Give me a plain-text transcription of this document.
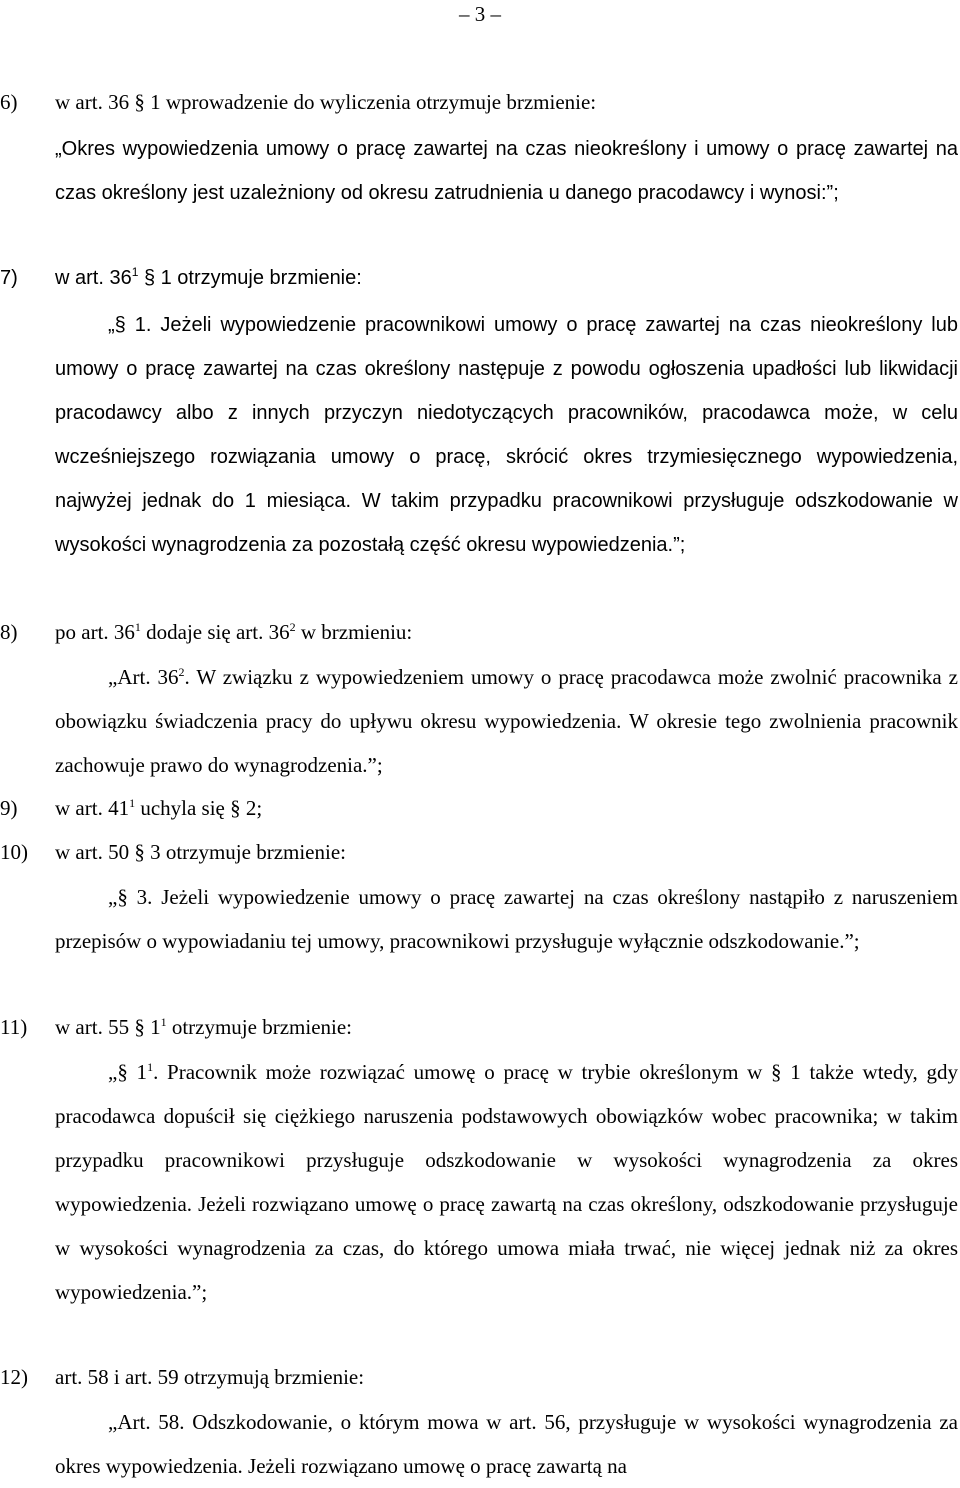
– 3 –
6) w art. 36 § 1 wprowadzenie do wyliczenia otrzymuje brzmienie:
„Okres wypowiedzenia umowy o pracę zawartej na czas nieokreślony i umowy o pracę zawartej na czas określony jest uzależniony od okresu zatrudnienia u danego pracodawcy i wynosi:”;
7) w art. $36^1$ § 1 otrzymuje brzmienie:
„§ 1. Jeżeli wypowiedzenie pracownikowi umowy o pracę zawartej na czas nieokreślony lub umowy o pracę zawartej na czas określony następuje z powodu ogłoszenia upadłości lub likwidacji pracodawcy albo z innych przyczyn niedotyczących pracowników, pracodawca może, w celu wcześniejszego rozwiązania umowy o pracę, skrócić okres trzymiesięcznego wypowiedzenia, najwyżej jednak do 1 miesiąca. W takim przypadku pracownikowi przysługuje odszkodowanie w wysokości wynagrodzenia za pozostałą część okresu wypowiedzenia.”;
8) po art. $36^1$ dodaje się art. $36^2$ w brzmieniu:
„Art. $36^2$. W związku z wypowiedzeniem umowy o pracę pracodawca może zwolnić pracownika z obowiązku świadczenia pracy do upływu okresu wypowiedzenia. W okresie tego zwolnienia pracownik zachowuje prawo do wynagrodzenia.”;
9) w art. $41^1$ uchyla się § 2;
10) w art. 50 § 3 otrzymuje brzmienie:
„§ 3. Jeżeli wypowiedzenie umowy o pracę zawartej na czas określony nastąpiło z naruszeniem przepisów o wypowiadaniu tej umowy, pracownikowi przysługuje wyłącznie odszkodowanie.”;
11) w art. 55 § $1^1$ otrzymuje brzmienie:
„§ $1^1$. Pracownik może rozwiązać umowę o pracę w trybie określonym w § 1 także wtedy, gdy pracodawca dopuścił się ciężkiego naruszenia podstawowych obowiązków wobec pracownika; w takim przypadku pracownikowi przysługuje odszkodowanie w wysokości wynagrodzenia za okres wypowiedzenia. Jeżeli rozwiązano umowę o pracę zawartą na czas określony, odszkodowanie przysługuje w wysokości wynagrodzenia za czas, do którego umowa miała trwać, nie więcej jednak niż za okres wypowiedzenia.”;
12) art. 58 i art. 59 otrzymują brzmienie:
„Art. 58. Odszkodowanie, o którym mowa w art. 56, przysługuje w wysokości wynagrodzenia za okres wypowiedzenia. Jeżeli rozwiązano umowę o pracę zawartą na
